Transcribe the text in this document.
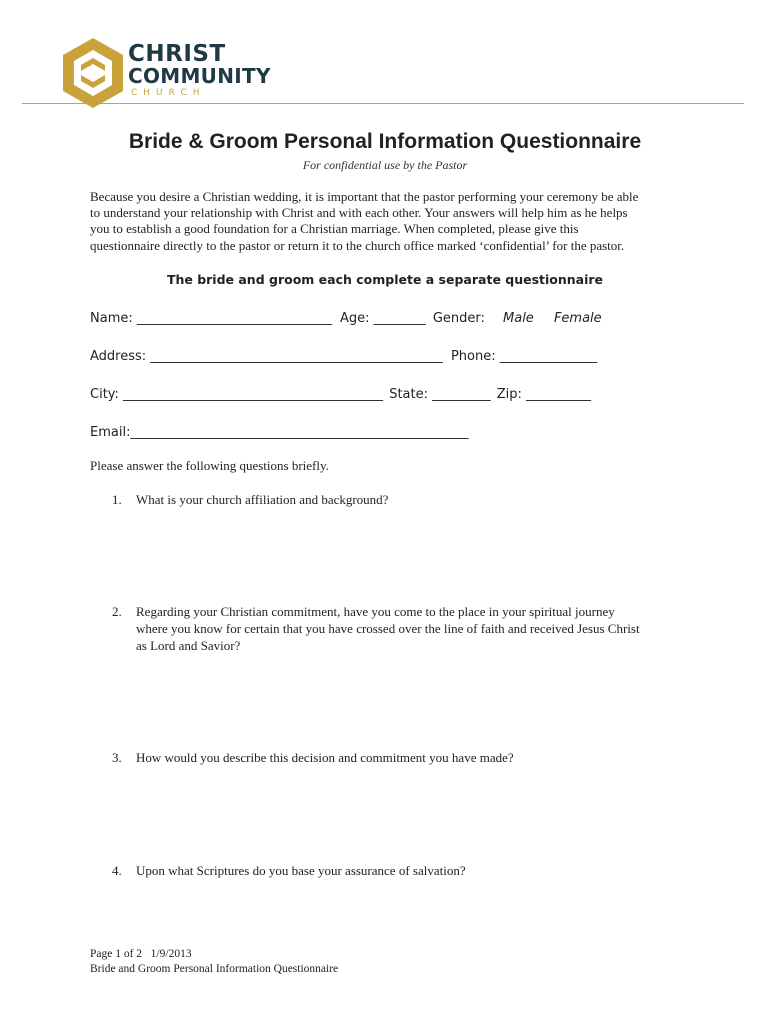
CHRIST
COMMUNITY
CHURCH
Bride & Groom Personal Information Questionnaire
For confidential use by the Pastor

Because you desire a Christian wedding, it is important that the pastor performing your ceremony be able

to understand your relationship with Christ and with each other. Your answers will help him as he helps

you to establish a good foundation for a Christian marriage. When completed, please give this

questionnaire directly to the pastor or return it to the church office marked ‘confidential’ for the pastor.

The bride and groom each complete a separate questionnaire
Name: ______________________________ Age: ________ Gender: Male Female
Address: _____________________________________________ Phone: _______________
City: ________________________________________ State: _________ Zip: __________
Email:____________________________________________________
Please answer the following questions briefly.
1. What is your church affiliation and background?
2. Regarding your Christian commitment, have you come to the place in your spiritual journey
where you know for certain that you have crossed over the line of faith and received Jesus Christ
as Lord and Savior?
3. How would you describe this decision and commitment you have made?
4. Upon what Scriptures do you base your assurance of salvation?
Page 1 of 2   1/9/2013
Bride and Groom Personal Information Questionnaire
